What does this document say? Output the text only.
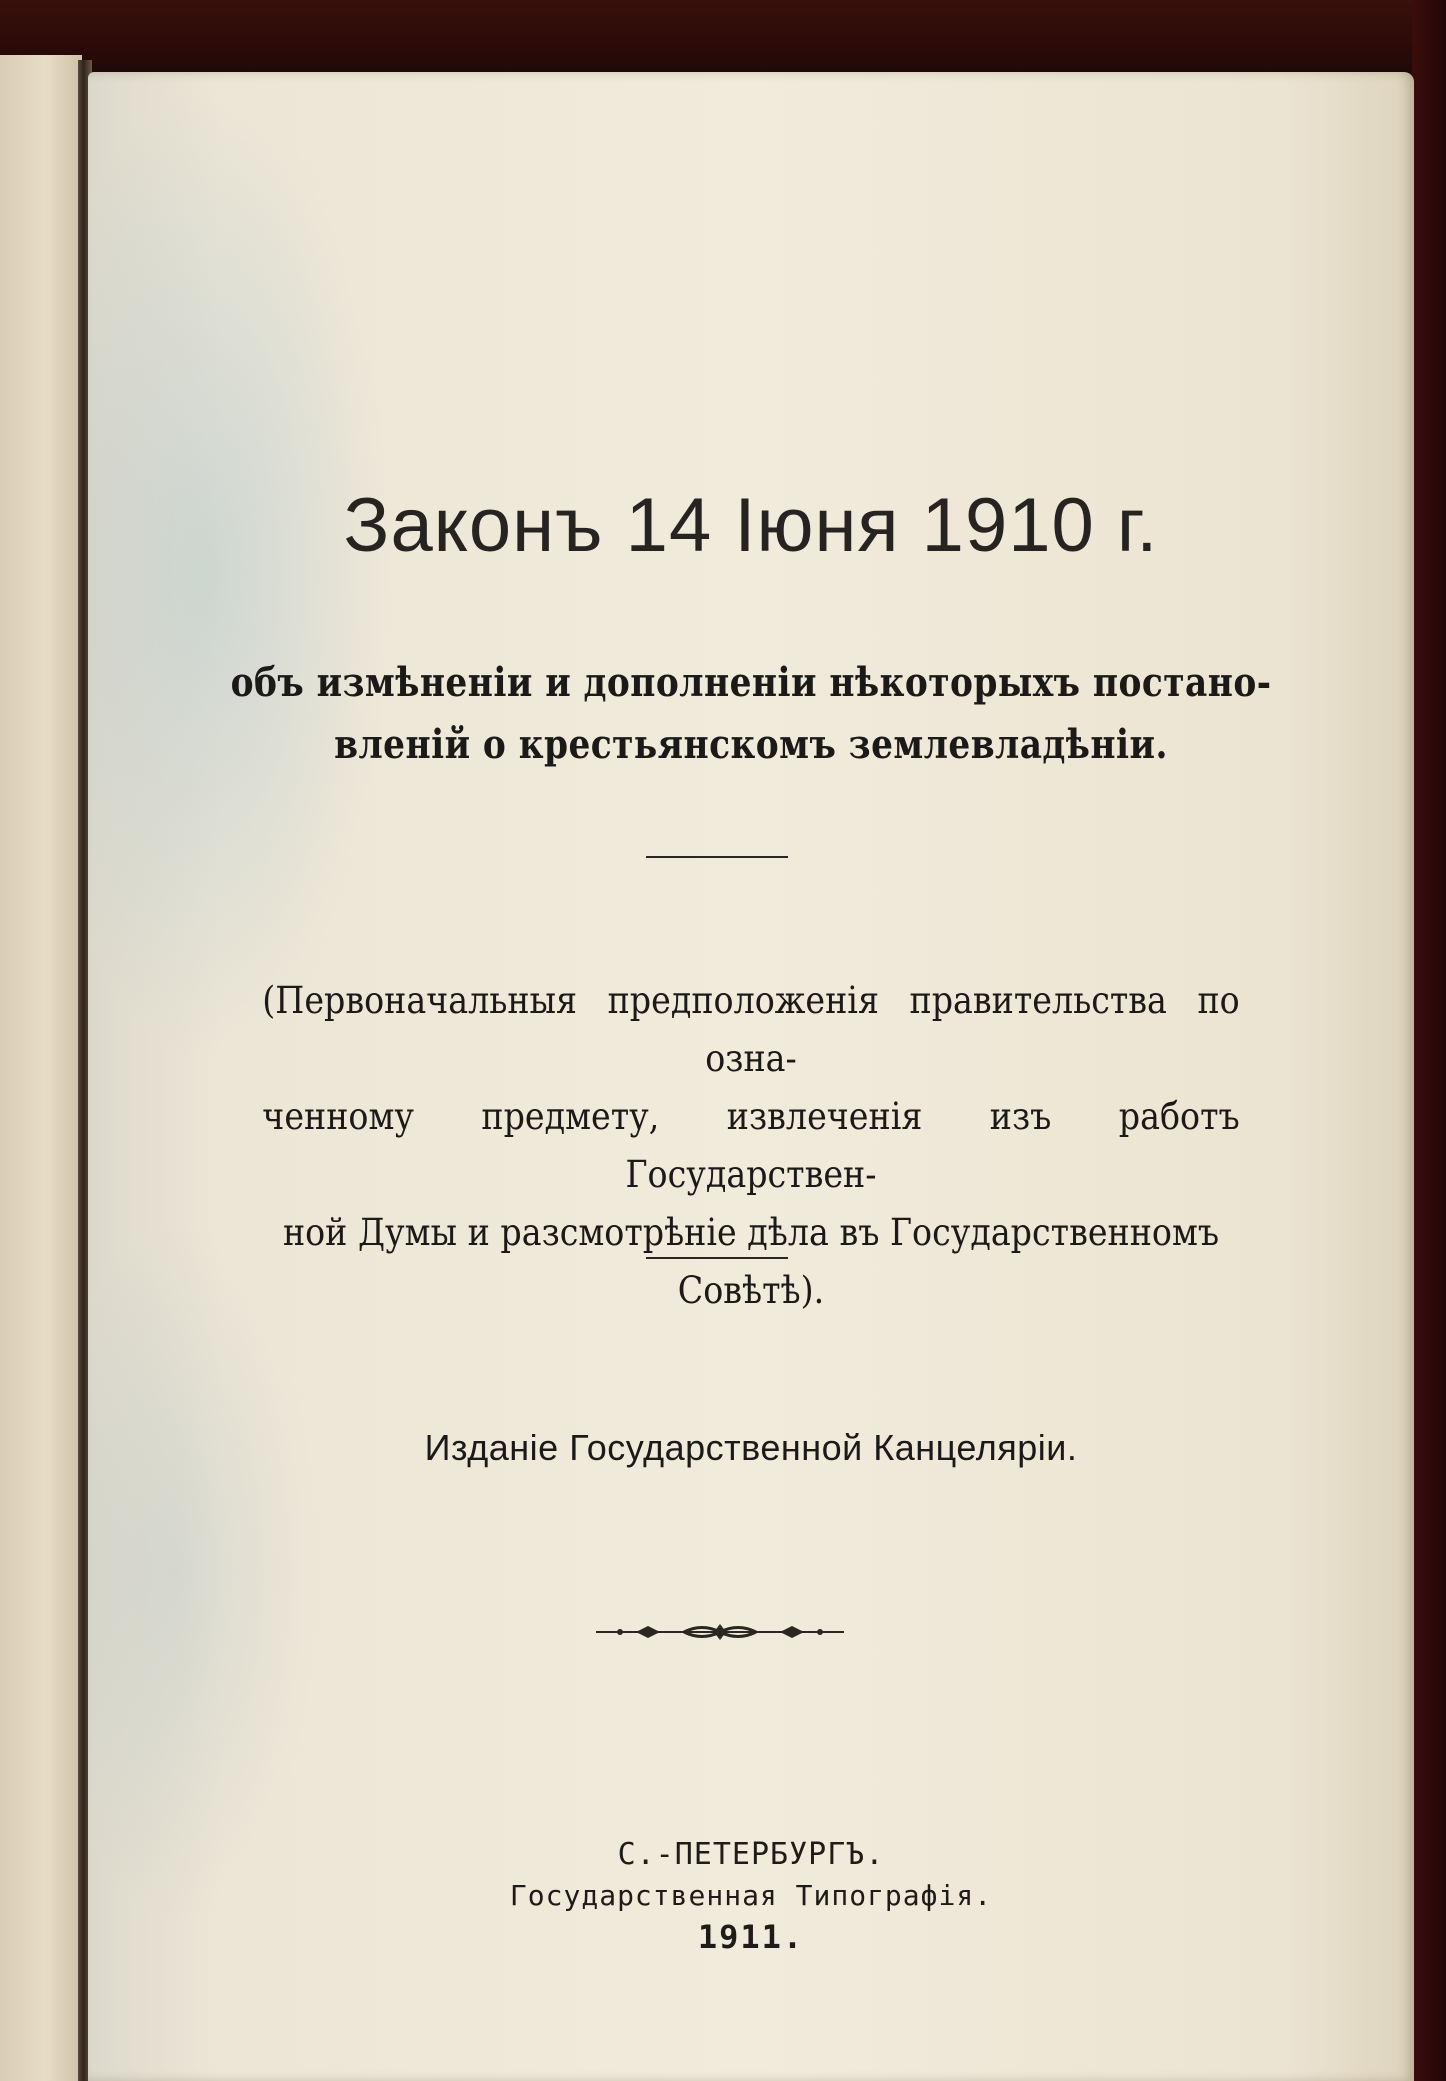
Законъ 14 Iюня 1910 г.
объ измѣненіи и дополненіи нѣкоторыхъ постано-
вленій о крестьянскомъ землевладѣніи.
(Первоначальныя предположенія правительства по озна-
ченному предмету, извлеченія изъ работъ Государствен-
ной Думы и разсмотрѣніе дѣла въ Государственномъ
Совѣтѣ).
Изданіе Государственной Канцеляріи.
С.-ПЕТЕРБУРГЪ.
Государственная Типографія.
1911.
